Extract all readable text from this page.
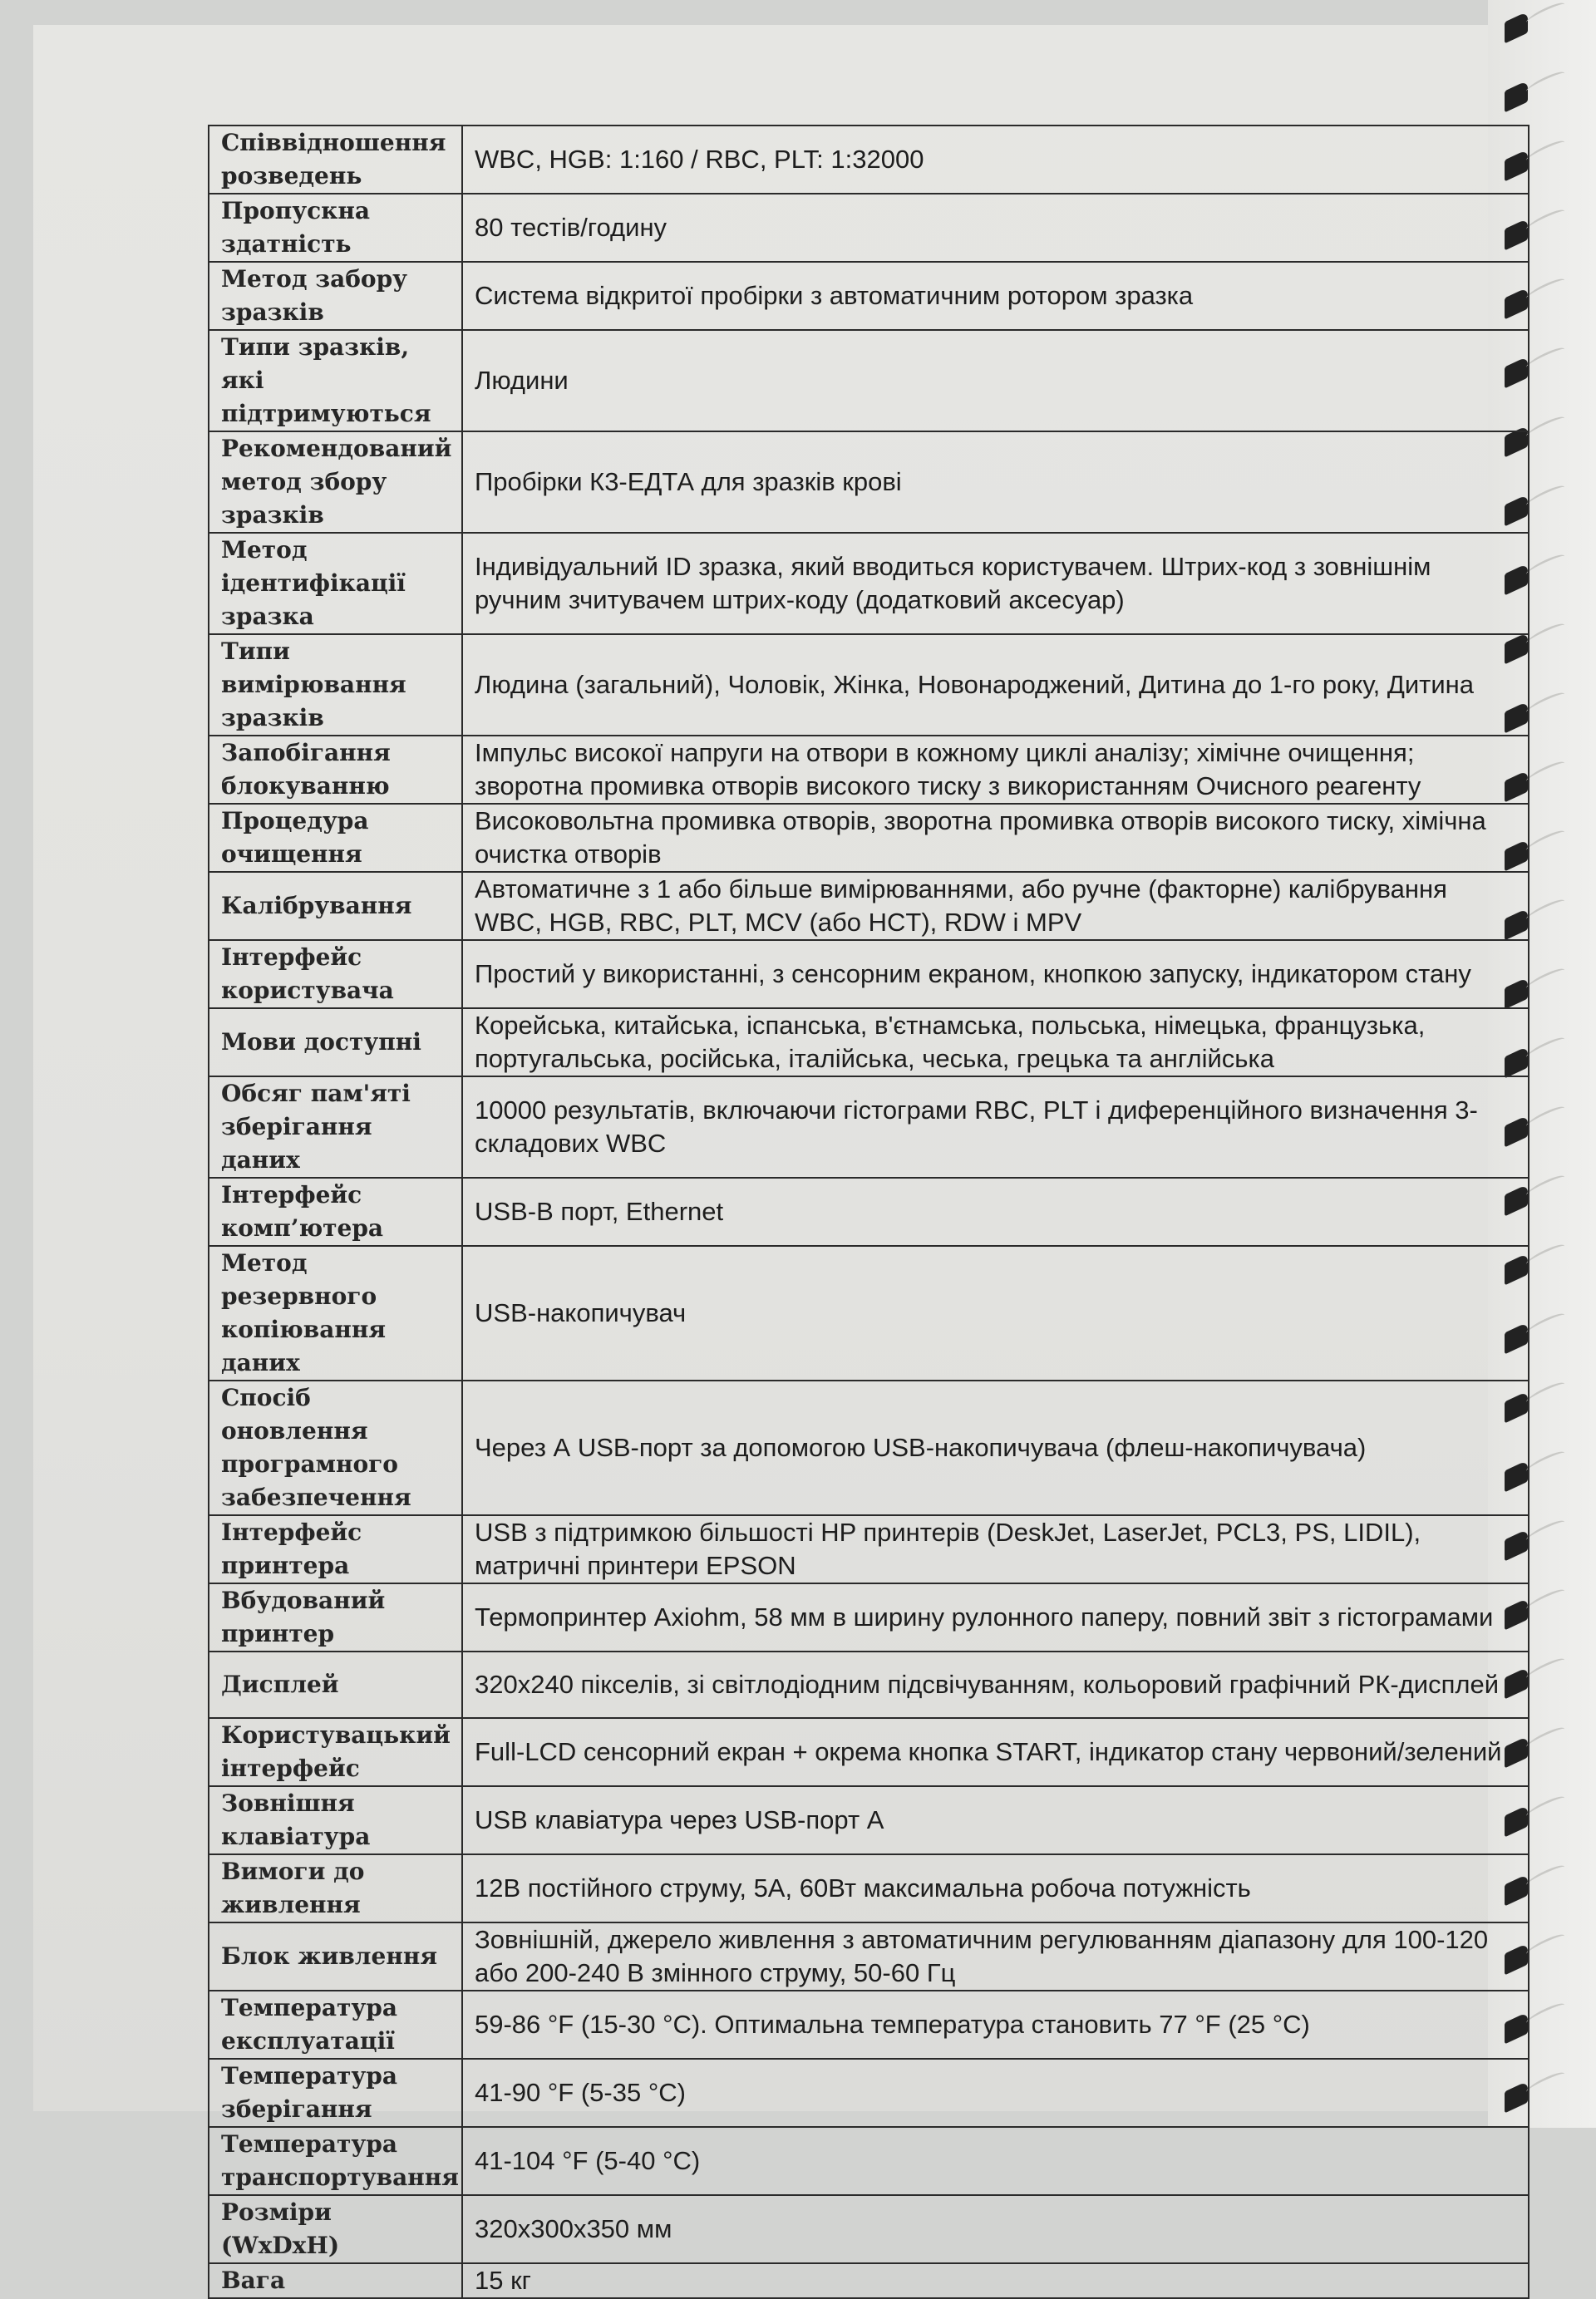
Співвідношення розведень	WBC, HGB: 1:160 / RBC, PLT: 1:32000
Пропускна здатність	80 тестів/годину
Метод забору зразків	Система відкритої пробірки з автоматичним ротором зразка
Типи зразків, які підтримуються	Людини
Рекомендований метод збору зразків	Пробірки К3-ЕДТА для зразків крові
Метод ідентифікації зразка	Індивідуальний ID зразка, який вводиться користувачем. Штрих-код з зовнішнім ручним зчитувачем штрих-коду (додатковий аксесуар)
Типи вимірювання зразків	Людина (загальний), Чоловік, Жінка, Новонароджений, Дитина до 1-го року, Дитина
Запобігання блокуванню	Імпульс високої напруги на отвори в кожному циклі аналізу; хімічне очищення; зворотна промивка отворів високого тиску з використанням Очисного реагенту
Процедура очищення	Високовольтна промивка отворів, зворотна промивка отворів високого тиску, хімічна очистка отворів
Калібрування	Автоматичне з 1 або більше вимірюваннями, або ручне (факторне) калібрування WBC, HGB, RBC, PLT, MCV (або HCT), RDW і MPV
Інтерфейс користувача	Простий у використанні, з сенсорним екраном, кнопкою запуску, індикатором стану
Мови доступні	Корейська, китайська, іспанська, в'єтнамська, польська, німецька, французька, португальська, російська, італійська, чеська, грецька та англійська
Обсяг пам'яті зберігання даних	10000 результатів, включаючи гістограми RBC, PLT і диференційного визначення 3-складових WBC
Інтерфейс комп’ютера	USB-B порт, Ethernet
Метод резервного копіювання даних	USB-накопичувач
Спосіб оновлення програмного забезпечення	Через А USB-порт за допомогою USB-накопичувача (флеш-накопичувача)
Інтерфейс принтера	USB з підтримкою більшості HP принтерів (DeskJet, LaserJet, PCL3, PS, LIDIL), матричні принтери EPSON
Вбудований принтер	Термопринтер Axiohm, 58 мм в ширину рулонного паперу, повний звіт з гістограмами
Дисплей	320x240 пікселів, зі світлодіодним підсвічуванням, кольоровий графічний РК-дисплей
Користувацький інтерфейс	Full-LCD сенсорний екран + окрема кнопка START, індикатор стану червоний/зелений
Зовнішня клавіатура	USB клавіатура через USB-порт А
Вимоги до живлення	12В постійного струму, 5А, 60Вт максимальна робоча потужність
Блок живлення	Зовнішній, джерело живлення з автоматичним регулюванням діапазону для 100-120 або 200-240 В змінного струму, 50-60 Гц
Температура експлуатації	59-86 °F (15-30 °C). Оптимальна температура становить 77 °F (25 °C)
Температура зберігання	41-90 °F (5-35 °C)
Температура транспортування	41-104 °F (5-40 °C)
Розміри (WxDxH)	320x300x350 мм
Вага	15 кг
